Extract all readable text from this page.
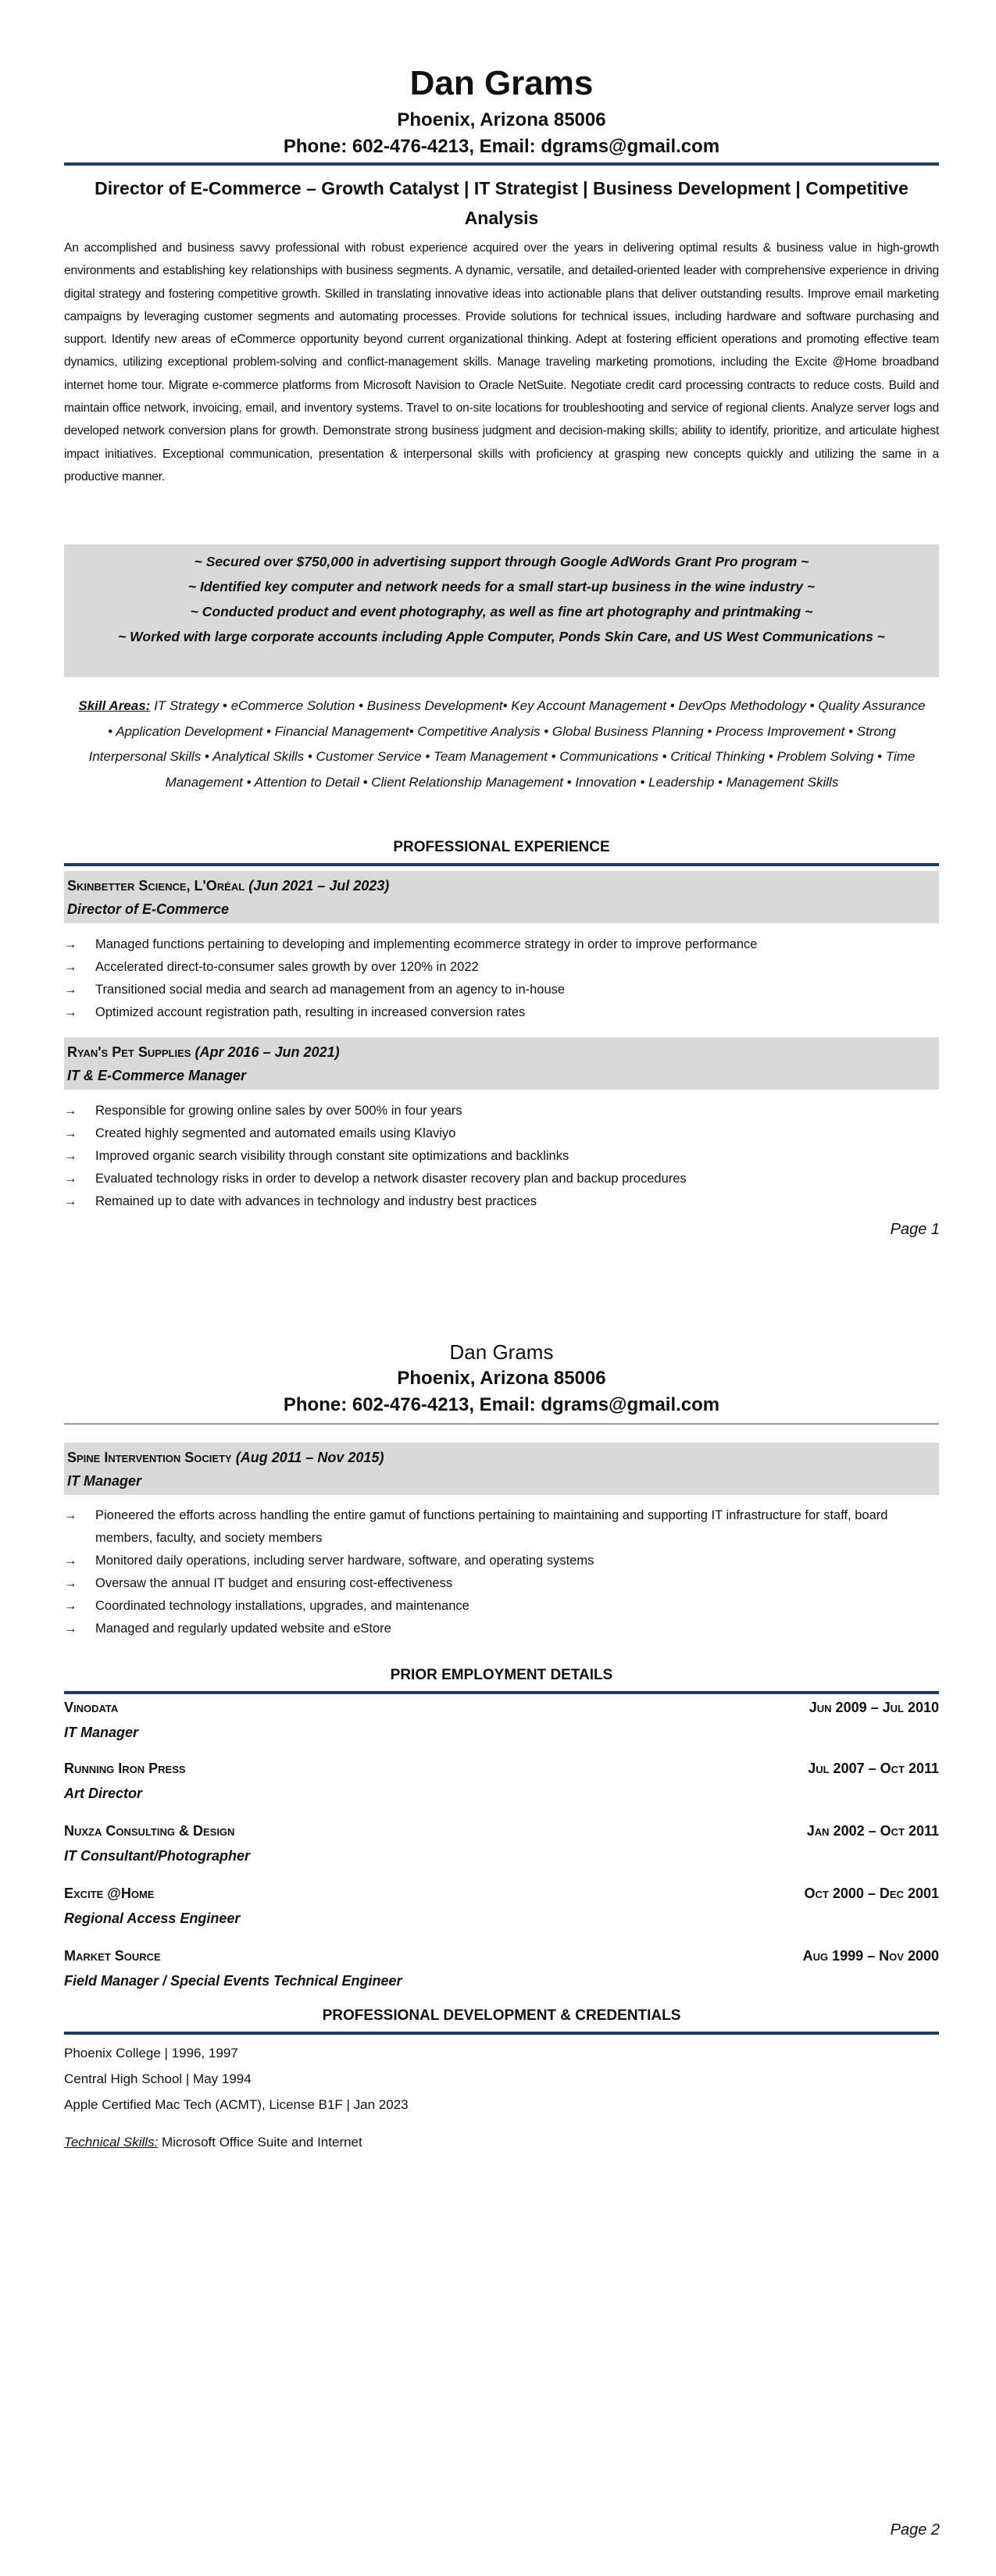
Dan Grams
Phoenix, Arizona 85006
Phone: 602-476-4213, Email: dgrams@gmail.com
Director of E-Commerce – Growth Catalyst | IT Strategist | Business Development | Competitive Analysis
An accomplished and business savvy professional with robust experience acquired over the years in delivering optimal results & business value in high-growth environments and establishing key relationships with business segments. A dynamic, versatile, and detailed-oriented leader with comprehensive experience in driving digital strategy and fostering competitive growth. Skilled in translating innovative ideas into actionable plans that deliver outstanding results. Improve email marketing campaigns by leveraging customer segments and automating processes. Provide solutions for technical issues, including hardware and software purchasing and support. Identify new areas of eCommerce opportunity beyond current organizational thinking. Adept at fostering efficient operations and promoting effective team dynamics, utilizing exceptional problem-solving and conflict-management skills. Manage traveling marketing promotions, including the Excite @Home broadband internet home tour. Migrate e-commerce platforms from Microsoft Navision to Oracle NetSuite. Negotiate credit card processing contracts to reduce costs. Build and maintain office network, invoicing, email, and inventory systems. Travel to on-site locations for troubleshooting and service of regional clients. Analyze server logs and developed network conversion plans for growth. Demonstrate strong business judgment and decision-making skills; ability to identify, prioritize, and articulate highest impact initiatives. Exceptional communication, presentation & interpersonal skills with proficiency at grasping new concepts quickly and utilizing the same in a productive manner.
~ Secured over $750,000 in advertising support through Google AdWords Grant Pro program ~
~ Identified key computer and network needs for a small start-up business in the wine industry ~
~ Conducted product and event photography, as well as fine art photography and printmaking ~
~ Worked with large corporate accounts including Apple Computer, Ponds Skin Care, and US West Communications ~
Skill Areas: IT Strategy • eCommerce Solution • Business Development• Key Account Management • DevOps Methodology • Quality Assurance • Application Development • Financial Management• Competitive Analysis • Global Business Planning • Process Improvement • Strong Interpersonal Skills • Analytical Skills • Customer Service • Team Management • Communications • Critical Thinking • Problem Solving • Time Management • Attention to Detail • Client Relationship Management • Innovation • Leadership • Management Skills
PROFESSIONAL EXPERIENCE
Skinbetter Science, L'Oréal (Jun 2021 – Jul 2023)
Director of E-Commerce
→ Managed functions pertaining to developing and implementing ecommerce strategy in order to improve performance
→ Accelerated direct-to-consumer sales growth by over 120% in 2022
→ Transitioned social media and search ad management from an agency to in-house
→ Optimized account registration path, resulting in increased conversion rates
Ryan's Pet Supplies (Apr 2016 – Jun 2021)
IT & E-Commerce Manager
→ Responsible for growing online sales by over 500% in four years
→ Created highly segmented and automated emails using Klaviyo
→ Improved organic search visibility through constant site optimizations and backlinks
→ Evaluated technology risks in order to develop a network disaster recovery plan and backup procedures
→ Remained up to date with advances in technology and industry best practices
Page 1
Dan Grams
Phoenix, Arizona 85006
Phone: 602-476-4213, Email: dgrams@gmail.com
Spine Intervention Society (Aug 2011 – Nov 2015)
IT Manager
→ Pioneered the efforts across handling the entire gamut of functions pertaining to maintaining and supporting IT infrastructure for staff, board members, faculty, and society members
→ Monitored daily operations, including server hardware, software, and operating systems
→ Oversaw the annual IT budget and ensuring cost-effectiveness
→ Coordinated technology installations, upgrades, and maintenance
→ Managed and regularly updated website and eStore
PRIOR EMPLOYMENT DETAILS
Vinodata	Jun 2009 – Jul 2010
IT Manager
Running Iron Press	Jul 2007 – Oct 2011
Art Director
Nuxza Consulting & Design	Jan 2002 – Oct 2011
IT Consultant/Photographer
Excite @Home	Oct 2000 – Dec 2001
Regional Access Engineer
Market Source	Aug 1999 – Nov 2000
Field Manager / Special Events Technical Engineer
PROFESSIONAL DEVELOPMENT & CREDENTIALS
Phoenix College | 1996, 1997
Central High School | May 1994
Apple Certified Mac Tech (ACMT), License B1F | Jan 2023
Technical Skills: Microsoft Office Suite and Internet
Page 2
